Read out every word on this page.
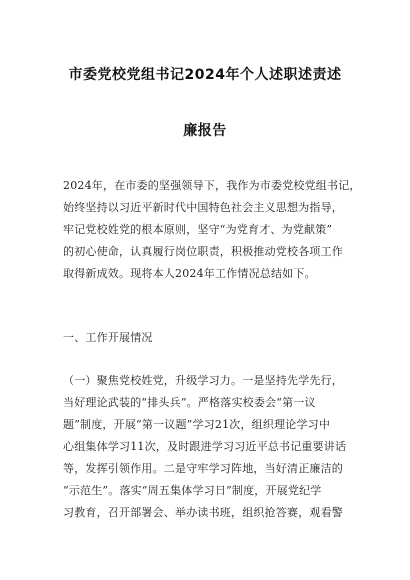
市委党校党组书记2024年个人述职述责述
廉报告
2024年，在市委的坚强领导下，我作为市委党校党组书记，
始终坚持以习近平新时代中国特色社会主义思想为指导，
牢记党校姓党的根本原则，坚守“为党育才、为党献策”
的初心使命，认真履行岗位职责，积极推动党校各项工作
取得新成效。现将本人2024年工作情况总结如下。
一、工作开展情况
（一）聚焦党校姓党，升级学习力。一是坚持先学先行，
当好理论武装的“排头兵”。严格落实校委会“第一议
题”制度，开展“第一议题”学习21次，组织理论学习中
心组集体学习11次，及时跟进学习习近平总书记重要讲话
等，发挥引领作用。二是守牢学习阵地，当好清正廉洁的
“示范生”。落实“周五集体学习日”制度，开展党纪学
习教育，召开部署会、举办读书班，组织抢答赛，观看警
